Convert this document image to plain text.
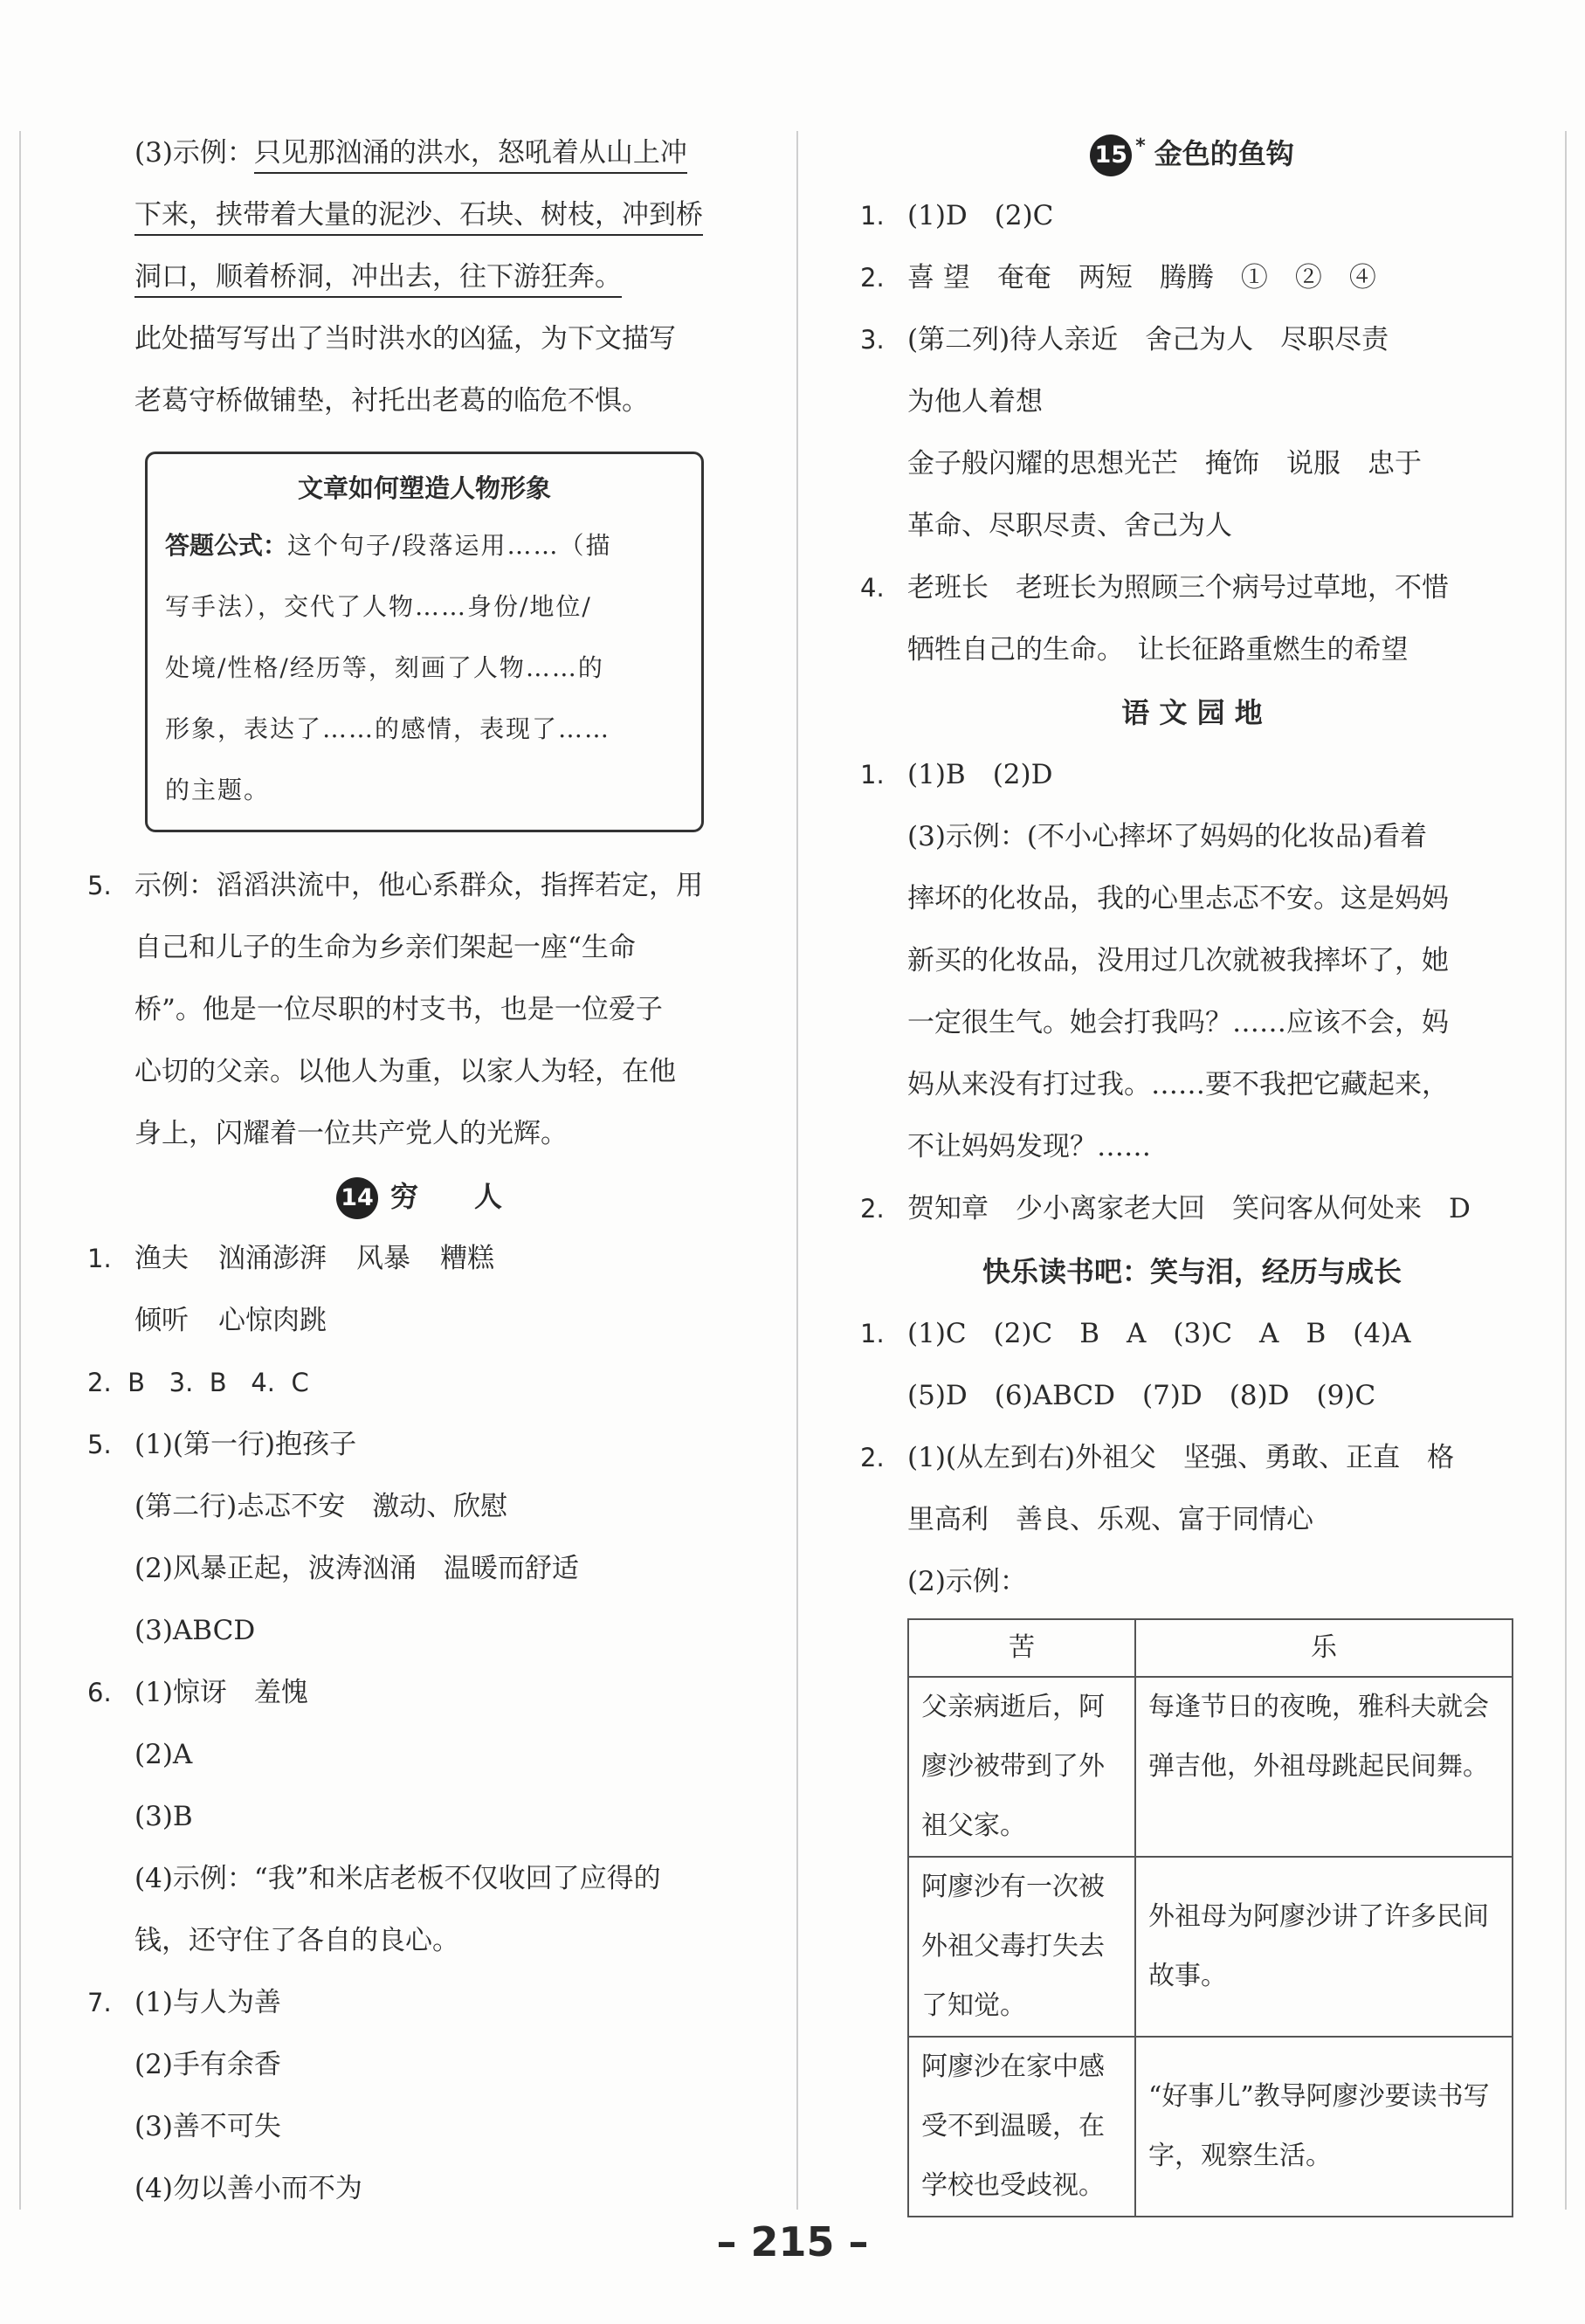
(3)示例：只见那汹涌的洪水，怒吼着从山上冲
下来，挟带着大量的泥沙、石块、树枝，冲到桥
洞口，顺着桥洞，冲出去，往下游狂奔。
此处描写写出了当时洪水的凶猛，为下文描写
老葛守桥做铺垫，衬托出老葛的临危不惧。
文章如何塑造人物形象
答题公式：这个句子/段落运用……（描
写手法），交代了人物……身份/地位/
处境/性格/经历等，刻画了人物……的
形象，表达了……的感情，表现了……
的主题。
5. 示例：滔滔洪流中，他心系群众，指挥若定，用
自己和儿子的生命为乡亲们架起一座“生命
桥”。他是一位尽职的村支书，也是一位爱子
心切的父亲。以他人为重，以家人为轻，在他
身上，闪耀着一位共产党人的光辉。
14 穷　　人
1. 渔夫 汹涌澎湃 风暴 糟糕
倾听 心惊肉跳
2. B 3. B 4. C
5. (1)(第一行)抱孩子
(第二行)忐忑不安　激动、欣慰
(2)风暴正起，波涛汹涌　温暖而舒适
(3)ABCD
6. (1)惊讶　羞愧
(2)A
(3)B
(4)示例：“我”和米店老板不仅收回了应得的
钱，还守住了各自的良心。
7. (1)与人为善
(2)手有余香
(3)善不可失
(4)勿以善小而不为
15 * 金色的鱼钩
1. (1)D　(2)C
2. 喜 望　奄奄　两短　腾腾　①　②　④
3. (第二列)待人亲近　舍己为人　尽职尽责
为他人着想
金子般闪耀的思想光芒　掩饰　说服　忠于
革命、尽职尽责、舍己为人
4. 老班长　老班长为照顾三个病号过草地，不惜
牺牲自己的生命。　让长征路重燃生的希望
语 文 园 地
1. (1)B　(2)D
(3)示例：(不小心摔坏了妈妈的化妆品)看着
摔坏的化妆品，我的心里忐忑不安。这是妈妈
新买的化妆品，没用过几次就被我摔坏了，她
一定很生气。她会打我吗？……应该不会，妈
妈从来没有打过我。……要不我把它藏起来，
不让妈妈发现？……
2. 贺知章　少小离家老大回　笑问客从何处来　D
快乐读书吧：笑与泪，经历与成长
1. (1)C　(2)C　B　A　(3)C　A　B　(4)A
(5)D　(6)ABCD　(7)D　(8)D　(9)C
2. (1)(从左到右)外祖父　坚强、勇敢、正直　格
里高利　善良、乐观、富于同情心
(2)示例：
苦	乐
父亲病逝后，阿廖沙被带到了外祖父家。	每逢节日的夜晚，雅科夫就会弹吉他，外祖母跳起民间舞。
阿廖沙有一次被外祖父毒打失去了知觉。	外祖母为阿廖沙讲了许多民间故事。
阿廖沙在家中感受不到温暖，在学校也受歧视。	“好事儿”教导阿廖沙要读书写字，观察生活。
– 215 –
